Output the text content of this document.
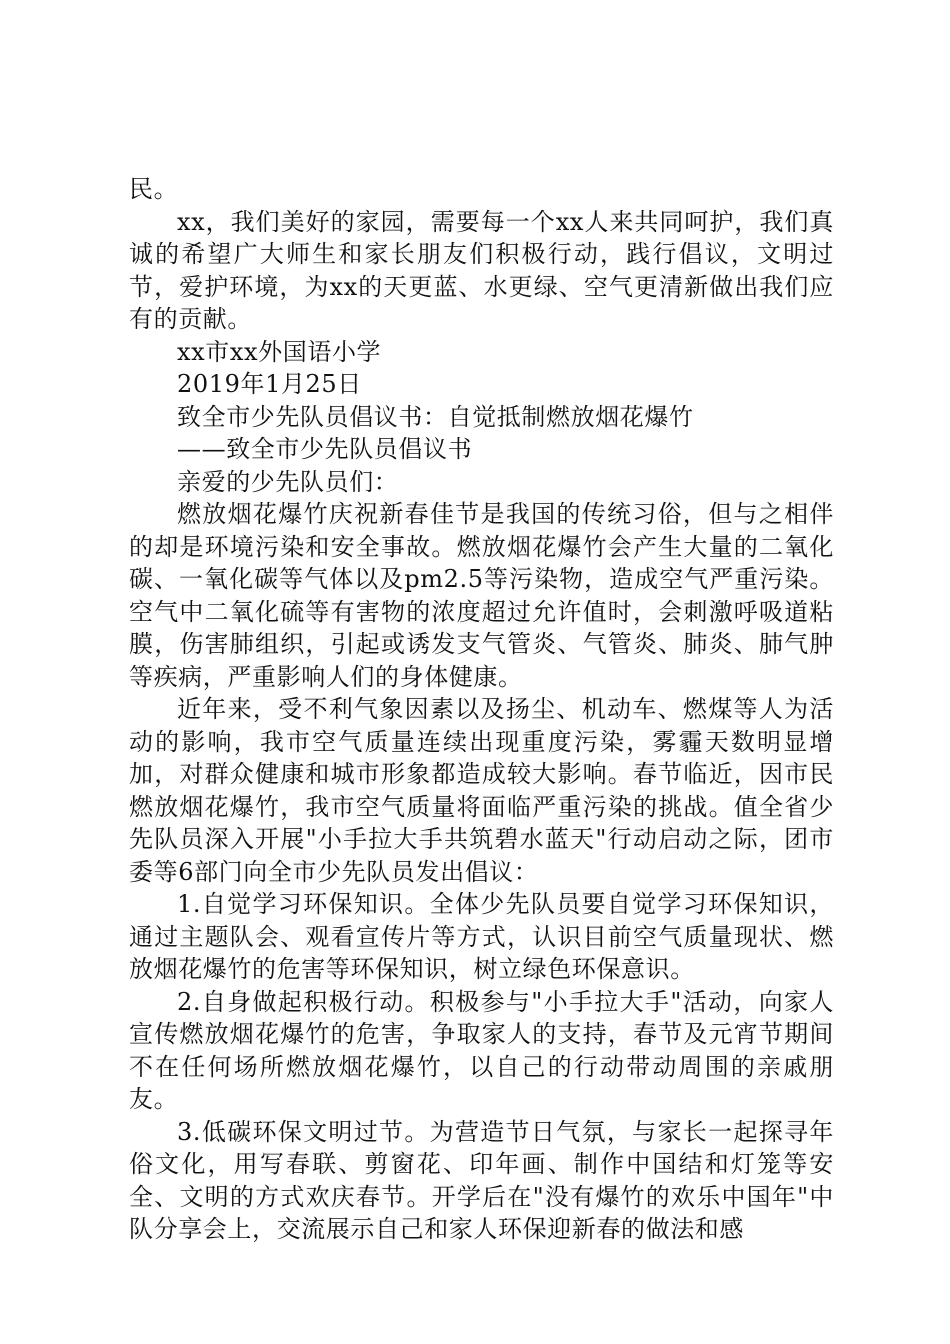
民。

xx，我们美好的家园，需要每一个xx人来共同呵护，我们真诚的希望广大师生和家长朋友们积极行动，践行倡议，文明过节，爱护环境，为xx的天更蓝、水更绿、空气更清新做出我们应有的贡献。

xx市xx外国语小学

2019年1月25日

致全市少先队员倡议书：自觉抵制燃放烟花爆竹

——致全市少先队员倡议书

亲爱的少先队员们：

燃放烟花爆竹庆祝新春佳节是我国的传统习俗，但与之相伴的却是环境污染和安全事故。燃放烟花爆竹会产生大量的二氧化碳、一氧化碳等气体以及pm2.5等污染物，造成空气严重污染。空气中二氧化硫等有害物的浓度超过允许值时，会刺激呼吸道粘膜，伤害肺组织，引起或诱发支气管炎、气管炎、肺炎、肺气肿等疾病，严重影响人们的身体健康。

近年来，受不利气象因素以及扬尘、机动车、燃煤等人为活动的影响，我市空气质量连续出现重度污染，雾霾天数明显增加，对群众健康和城市形象都造成较大影响。春节临近，因市民燃放烟花爆竹，我市空气质量将面临严重污染的挑战。值全省少先队员深入开展"小手拉大手共筑碧水蓝天"行动启动之际，团市委等6部门向全市少先队员发出倡议：

1.自觉学习环保知识。全体少先队员要自觉学习环保知识，通过主题队会、观看宣传片等方式，认识目前空气质量现状、燃放烟花爆竹的危害等环保知识，树立绿色环保意识。

2.自身做起积极行动。积极参与"小手拉大手"活动，向家人宣传燃放烟花爆竹的危害，争取家人的支持，春节及元宵节期间不在任何场所燃放烟花爆竹，以自己的行动带动周围的亲戚朋友。

3.低碳环保文明过节。为营造节日气氛，与家长一起探寻年俗文化，用写春联、剪窗花、印年画、制作中国结和灯笼等安全、文明的方式欢庆春节。开学后在"没有爆竹的欢乐中国年"中队分享会上，交流展示自己和家人环保迎新春的做法和感
